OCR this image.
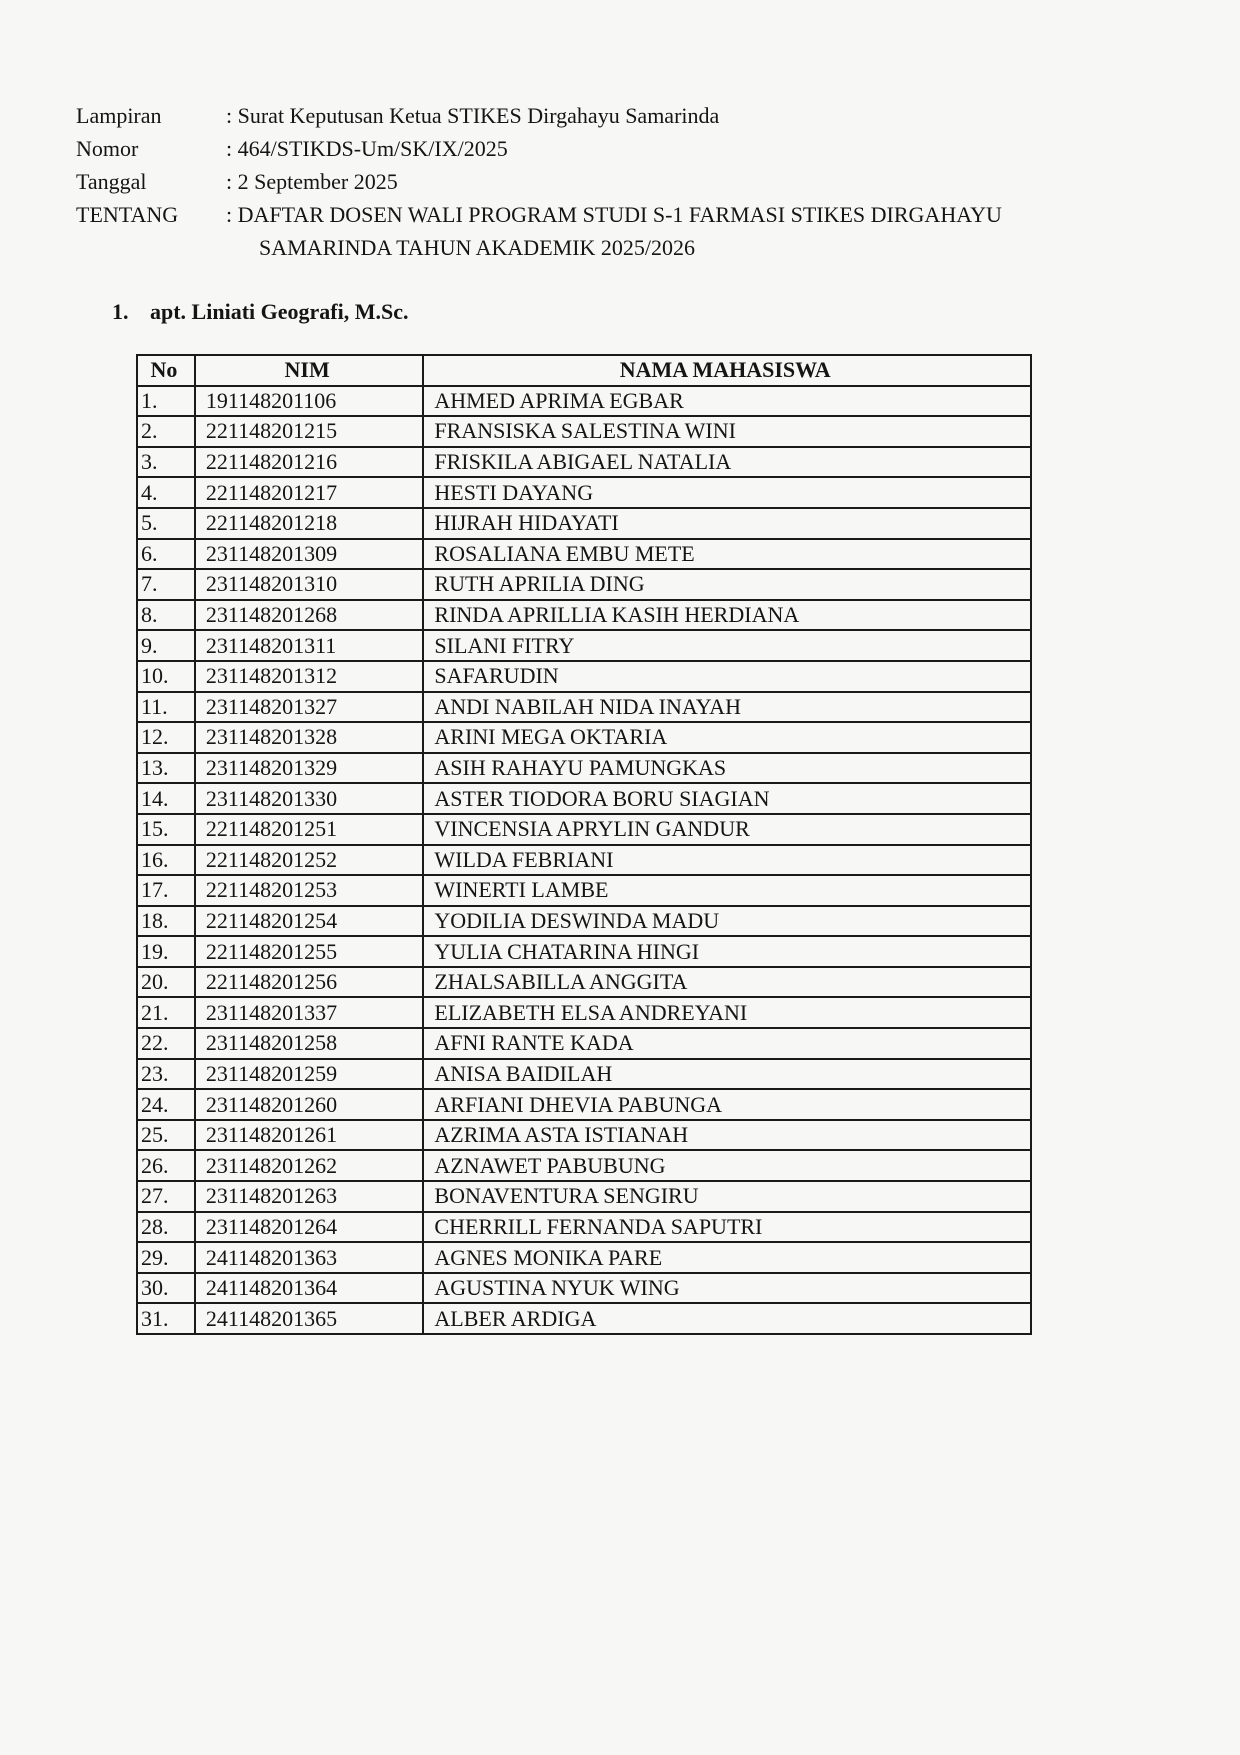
Lampiran	: Surat Keputusan Ketua STIKES Dirgahayu Samarinda
Nomor	: 464/STIKDS-Um/SK/IX/2025
Tanggal	: 2 September 2025
TENTANG	: DAFTAR DOSEN WALI PROGRAM STUDI S-1 FARMASI STIKES DIRGAHAYU
SAMARINDA TAHUN AKADEMIK 2025/2026
1. apt. Liniati Geografi, M.Sc.
No	NIM	NAMA MAHASISWA
1.	191148201106	AHMED APRIMA EGBAR
2.	221148201215	FRANSISKA SALESTINA WINI
3.	221148201216	FRISKILA ABIGAEL NATALIA
4.	221148201217	HESTI DAYANG
5.	221148201218	HIJRAH HIDAYATI
6.	231148201309	ROSALIANA EMBU METE
7.	231148201310	RUTH APRILIA DING
8.	231148201268	RINDA APRILLIA KASIH HERDIANA
9.	231148201311	SILANI FITRY
10.	231148201312	SAFARUDIN
11.	231148201327	ANDI NABILAH NIDA INAYAH
12.	231148201328	ARINI MEGA OKTARIA
13.	231148201329	ASIH RAHAYU PAMUNGKAS
14.	231148201330	ASTER TIODORA BORU SIAGIAN
15.	221148201251	VINCENSIA APRYLIN GANDUR
16.	221148201252	WILDA FEBRIANI
17.	221148201253	WINERTI LAMBE
18.	221148201254	YODILIA DESWINDA MADU
19.	221148201255	YULIA CHATARINA HINGI
20.	221148201256	ZHALSABILLA ANGGITA
21.	231148201337	ELIZABETH ELSA ANDREYANI
22.	231148201258	AFNI RANTE KADA
23.	231148201259	ANISA BAIDILAH
24.	231148201260	ARFIANI DHEVIA PABUNGA
25.	231148201261	AZRIMA ASTA ISTIANAH
26.	231148201262	AZNAWET PABUBUNG
27.	231148201263	BONAVENTURA SENGIRU
28.	231148201264	CHERRILL FERNANDA SAPUTRI
29.	241148201363	AGNES MONIKA PARE
30.	241148201364	AGUSTINA NYUK WING
31.	241148201365	ALBER ARDIGA
